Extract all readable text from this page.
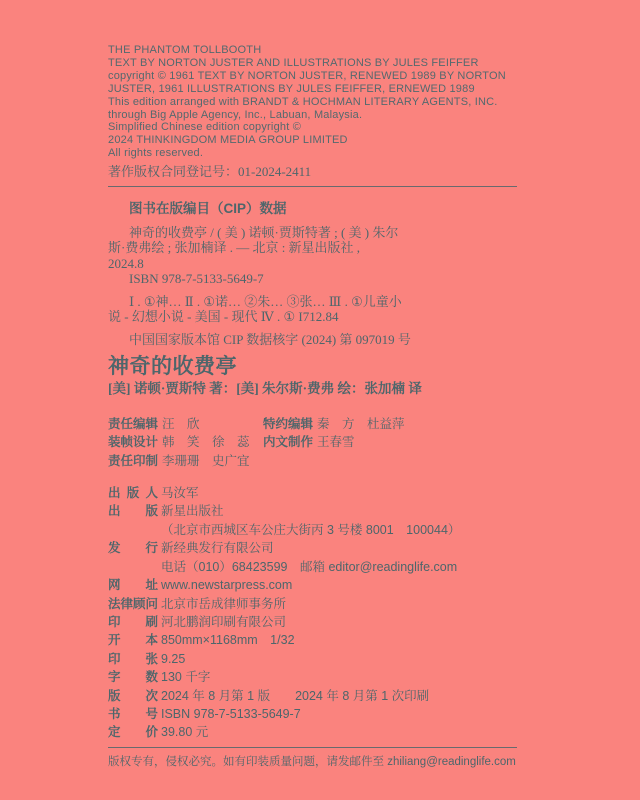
THE PHANTOM TOLLBOOTH
TEXT BY NORTON JUSTER AND ILLUSTRATIONS BY JULES FEIFFER
copyright © 1961 TEXT BY NORTON JUSTER, RENEWED 1989 BY NORTON
JUSTER, 1961 ILLUSTRATIONS BY JULES FEIFFER, ERNEWED 1989
This edition arranged with BRANDT & HOCHMAN LITERARY AGENTS, INC.
through Big Apple Agency, Inc., Labuan, Malaysia.
Simplified Chinese edition copyright ©
2024 THINKINGDOM MEDIA GROUP LIMITED
All rights reserved.
著作版权合同登记号：01-2024-2411
图书在版编目（CIP）数据
神奇的收费亭 / ( 美 ) 诺顿·贾斯特著 ; ( 美 ) 朱尔
斯·费弗绘 ; 张加楠译 . — 北京 : 新星出版社 ,
2024.8
ISBN 978-7-5133-5649-7
Ⅰ . ①神… Ⅱ . ①诺… ②朱… ③张… Ⅲ . ①儿童小
说 - 幻想小说 - 美国 - 现代 Ⅳ . ① I712.84
中国国家版本馆 CIP 数据核字 (2024) 第 097019 号
神奇的收费亭
[美] 诺顿·贾斯特 著：[美] 朱尔斯·费弗 绘：张加楠 译
责任编辑 汪　欣	特约编辑 秦　方　杜益萍
装帧设计 韩　笑　徐　蕊	内文制作 王春雪
责任印制 李珊珊　史广宜
出版人 马汝军
出版 新星出版社
（北京市西城区车公庄大街丙 3 号楼 8001　100044）
发行 新经典发行有限公司
电话（010）68423599　邮箱 editor@readinglife.com
网址 www.newstarpress.com
法律顾问 北京市岳成律师事务所
印刷 河北鹏润印刷有限公司
开本 850mm×1168mm　1/32
印张 9.25
字数 130 千字
版次 2024 年 8 月第 1 版　　2024 年 8 月第 1 次印刷
书号 ISBN 978-7-5133-5649-7
定价 39.80 元
版权专有，侵权必究。如有印装质量问题，请发邮件至 zhiliang@readinglife.com
